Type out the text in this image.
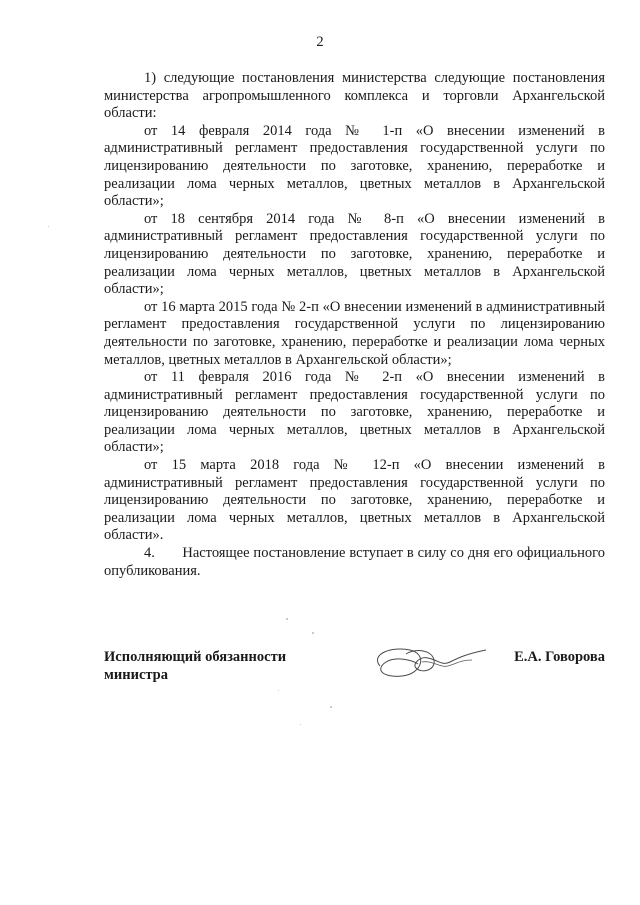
2

1) следующие постановления министерства следующие постановления министерства агропромышленного комплекса и торговли Архангельской области:

от 14 февраля 2014 года № 1-п «О внесении изменений в административный регламент предоставления государственной услуги по лицензированию деятельности по заготовке, хранению, переработке и реализации лома черных металлов, цветных металлов в Архангельской области»;

от 18 сентября 2014 года № 8-п «О внесении изменений в административный регламент предоставления государственной услуги по лицензированию деятельности по заготовке, хранению, переработке и реализации лома черных металлов, цветных металлов в Архангельской области»;

от 16 марта 2015 года № 2-п «О внесении изменений в административный регламент предоставления государственной услуги по лицензированию деятельности по заготовке, хранению, переработке и реализации лома черных металлов, цветных металлов в Архангельской области»;

от 11 февраля 2016 года № 2-п «О внесении изменений в административный регламент предоставления государственной услуги по лицензированию деятельности по заготовке, хранению, переработке и реализации лома черных металлов, цветных металлов в Архангельской области»;

от 15 марта 2018 года № 12-п «О внесении изменений в административный регламент предоставления государственной услуги по лицензированию деятельности по заготовке, хранению, переработке и реализации лома черных металлов, цветных металлов в Архангельской области».

4. Настоящее постановление вступает в силу со дня его официального опубликования.

Исполняющий обязанности
министра
Е.А. Говорова
